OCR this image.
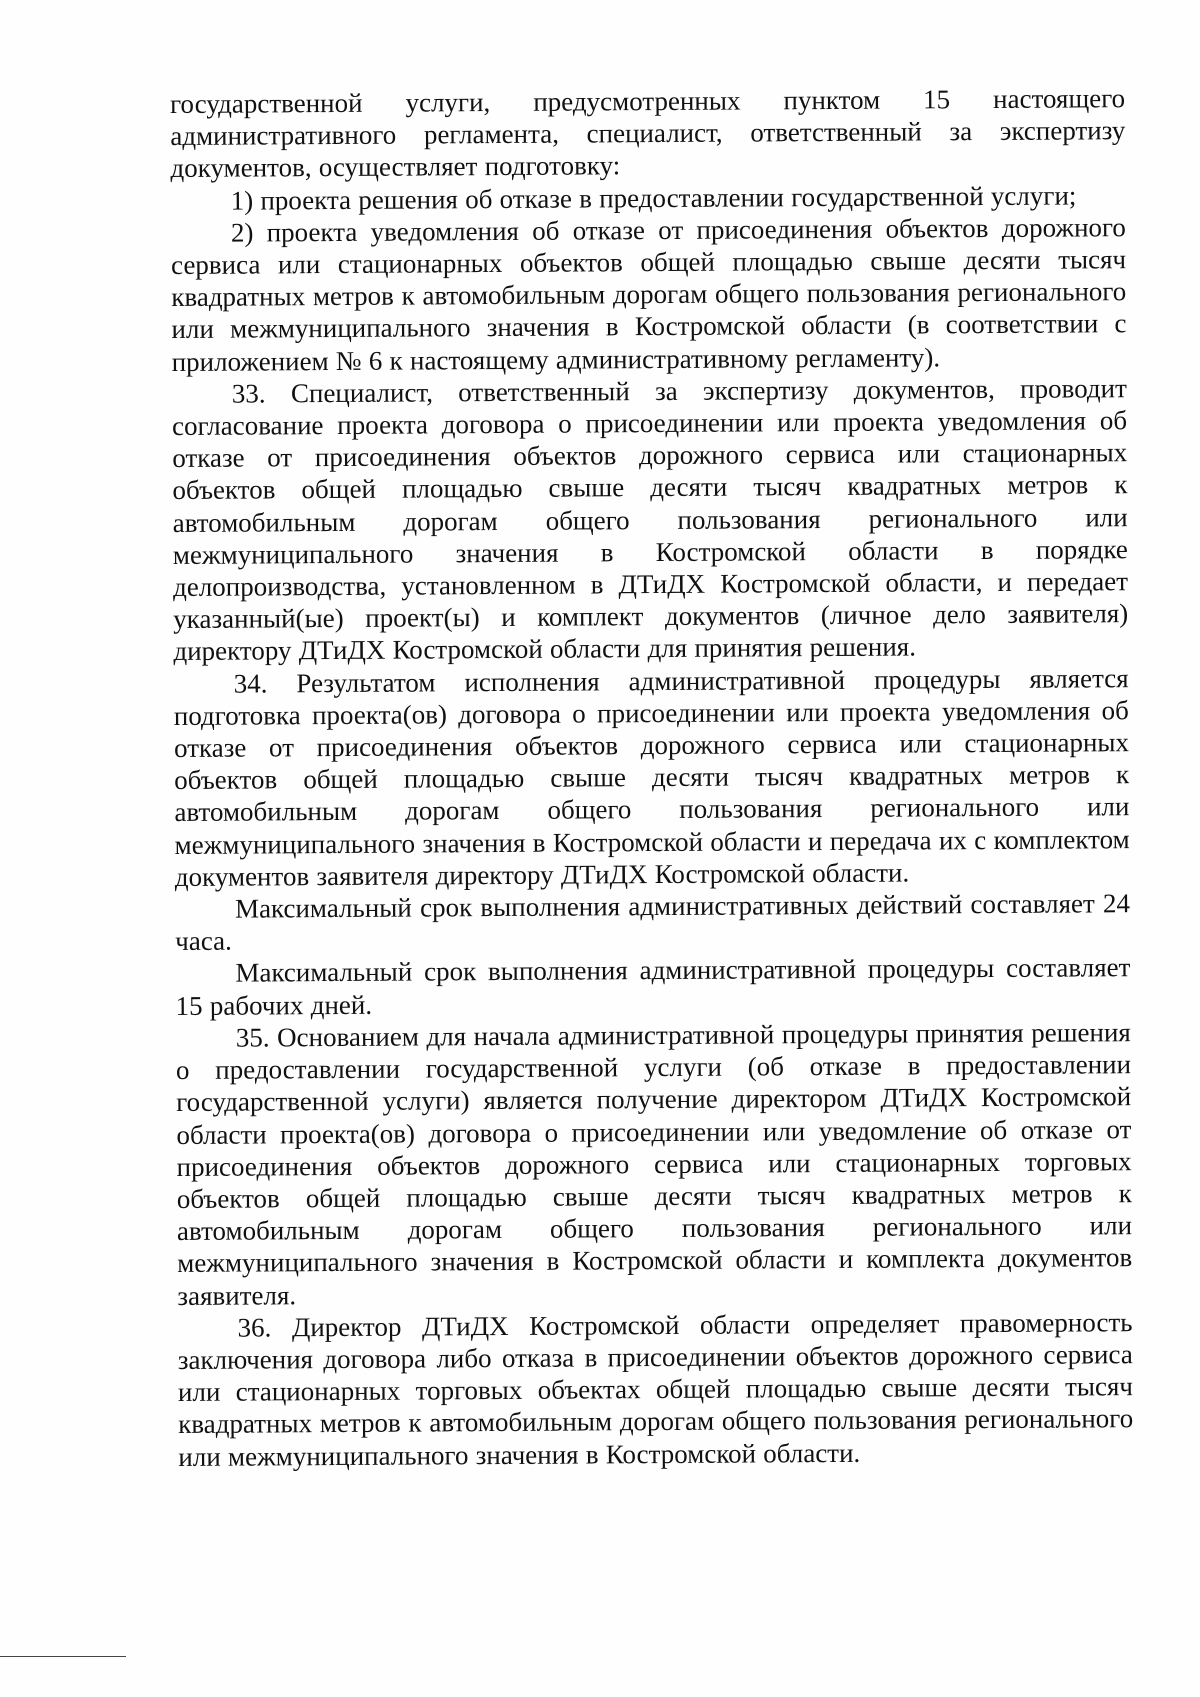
государственной услуги, предусмотренных пунктом 15 настоящего административного регламента, специалист, ответственный за экспертизу документов, осуществляет подготовку:

1) проекта решения об отказе в предоставлении государственной услуги;

2) проекта уведомления об отказе от присоединения объектов дорожного сервиса или стационарных объектов общей площадью свыше десяти тысяч квадратных метров к автомобильным дорогам общего пользования регионального или межмуниципального значения в Костромской области (в соответствии с приложением № 6 к настоящему административному регламенту).

33. Специалист, ответственный за экспертизу документов, проводит согласование проекта договора о присоединении или проекта уведомления об отказе от присоединения объектов дорожного сервиса или стационарных объектов общей площадью свыше десяти тысяч квадратных метров к автомобильным дорогам общего пользования регионального или межмуниципального значения в Костромской области в порядке делопроизводства, установленном в ДТиДХ Костромской области, и передает указанный(ые) проект(ы) и комплект документов (личное дело заявителя) директору ДТиДХ Костромской области для принятия решения.

34. Результатом исполнения административной процедуры является подготовка проекта(ов) договора о присоединении или проекта уведомления об отказе от присоединения объектов дорожного сервиса или стационарных объектов общей площадью свыше десяти тысяч квадратных метров к автомобильным дорогам общего пользования регионального или межмуниципального значения в Костромской области и передача их с комплектом документов заявителя директору ДТиДХ Костромской области.

Максимальный срок выполнения административных действий составляет 24 часа.

Максимальный срок выполнения административной процедуры составляет 15 рабочих дней.

35. Основанием для начала административной процедуры принятия решения о предоставлении государственной услуги (об отказе в предоставлении государственной услуги) является получение директором ДТиДХ Костромской области проекта(ов) договора о присоединении или уведомление об отказе от присоединения объектов дорожного сервиса или стационарных торговых объектов общей площадью свыше десяти тысяч квадратных метров к автомобильным дорогам общего пользования регионального или межмуниципального значения в Костромской области и комплекта документов заявителя.

36. Директор ДТиДХ Костромской области определяет правомерность заключения договора либо отказа в присоединении объектов дорожного сервиса или стационарных торговых объектах общей площадью свыше десяти тысяч квадратных метров к автомобильным дорогам общего пользования регионального или межмуниципального значения в Костромской области.
